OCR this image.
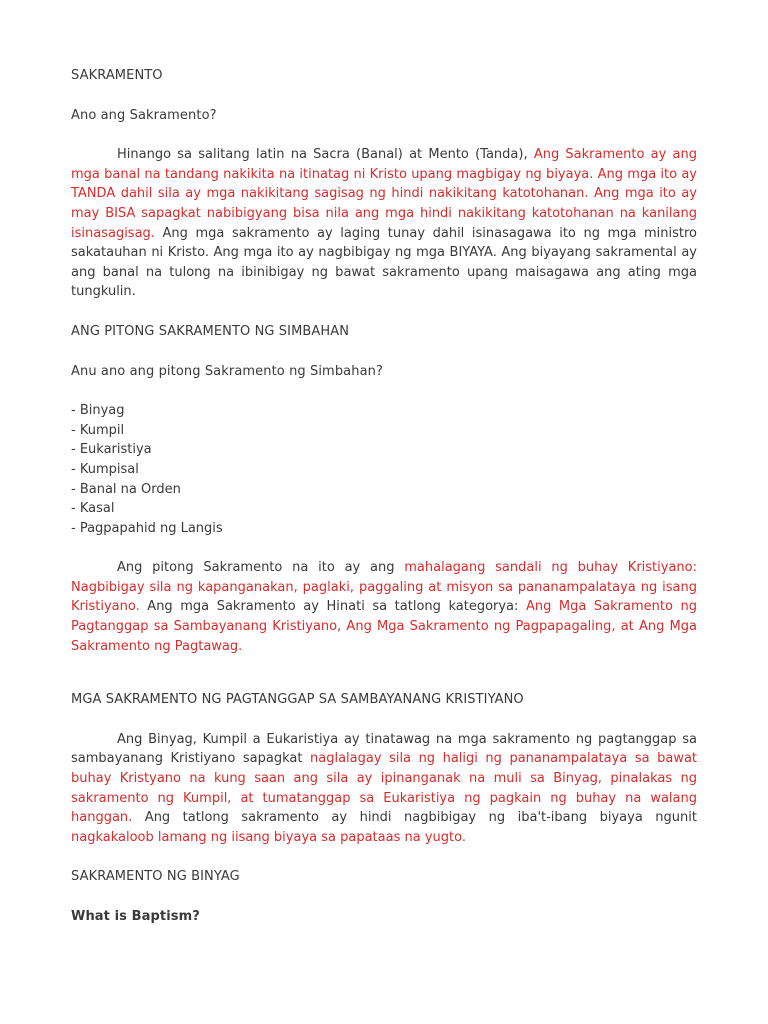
SAKRAMENTO

Ano ang Sakramento?

Hinango sa salitang latin na Sacra (Banal) at Mento (Tanda), Ang Sakramento ay ang mga banal na tandang nakikita na itinatag ni Kristo upang magbigay ng biyaya. Ang mga ito ay TANDA dahil sila ay mga nakikitang sagisag ng hindi nakikitang katotohanan. Ang mga ito ay may BISA sapagkat nabibigyang bisa nila ang mga hindi nakikitang katotohanan na kanilang isinasagisag. Ang mga sakramento ay laging tunay dahil isinasagawa ito ng mga ministro sakatauhan ni Kristo. Ang mga ito ay nagbibigay ng mga BIYAYA. Ang biyayang sakramental ay ang banal na tulong na ibinibigay ng bawat sakramento upang maisagawa ang ating mga tungkulin.

ANG PITONG SAKRAMENTO NG SIMBAHAN

Anu ano ang pitong Sakramento ng Simbahan?

- Binyag
- Kumpil
- Eukaristiya
- Kumpisal
- Banal na Orden
- Kasal
- Pagpapahid ng Langis

Ang pitong Sakramento na ito ay ang mahalagang sandali ng buhay Kristiyano: Nagbibigay sila ng kapanganakan, paglaki, paggaling at misyon sa pananampalataya ng isang Kristiyano. Ang mga Sakramento ay Hinati sa tatlong kategorya: Ang Mga Sakramento ng Pagtanggap sa Sambayanang Kristiyano, Ang Mga Sakramento ng Pagpapagaling, at Ang Mga Sakramento ng Pagtawag.

MGA SAKRAMENTO NG PAGTANGGAP SA SAMBAYANANG KRISTIYANO

Ang Binyag, Kumpil a Eukaristiya ay tinatawag na mga sakramento ng pagtanggap sa sambayanang Kristiyano sapagkat naglalagay sila ng haligi ng pananampalataya sa bawat buhay Kristyano na kung saan ang sila ay ipinanganak na muli sa Binyag, pinalakas ng sakramento ng Kumpil, at tumatanggap sa Eukaristiya ng pagkain ng buhay na walang hanggan. Ang tatlong sakramento ay hindi nagbibigay ng iba't-ibang biyaya ngunit nagkakaloob lamang ng iisang biyaya sa papataas na yugto.

SAKRAMENTO NG BINYAG

What is Baptism?
